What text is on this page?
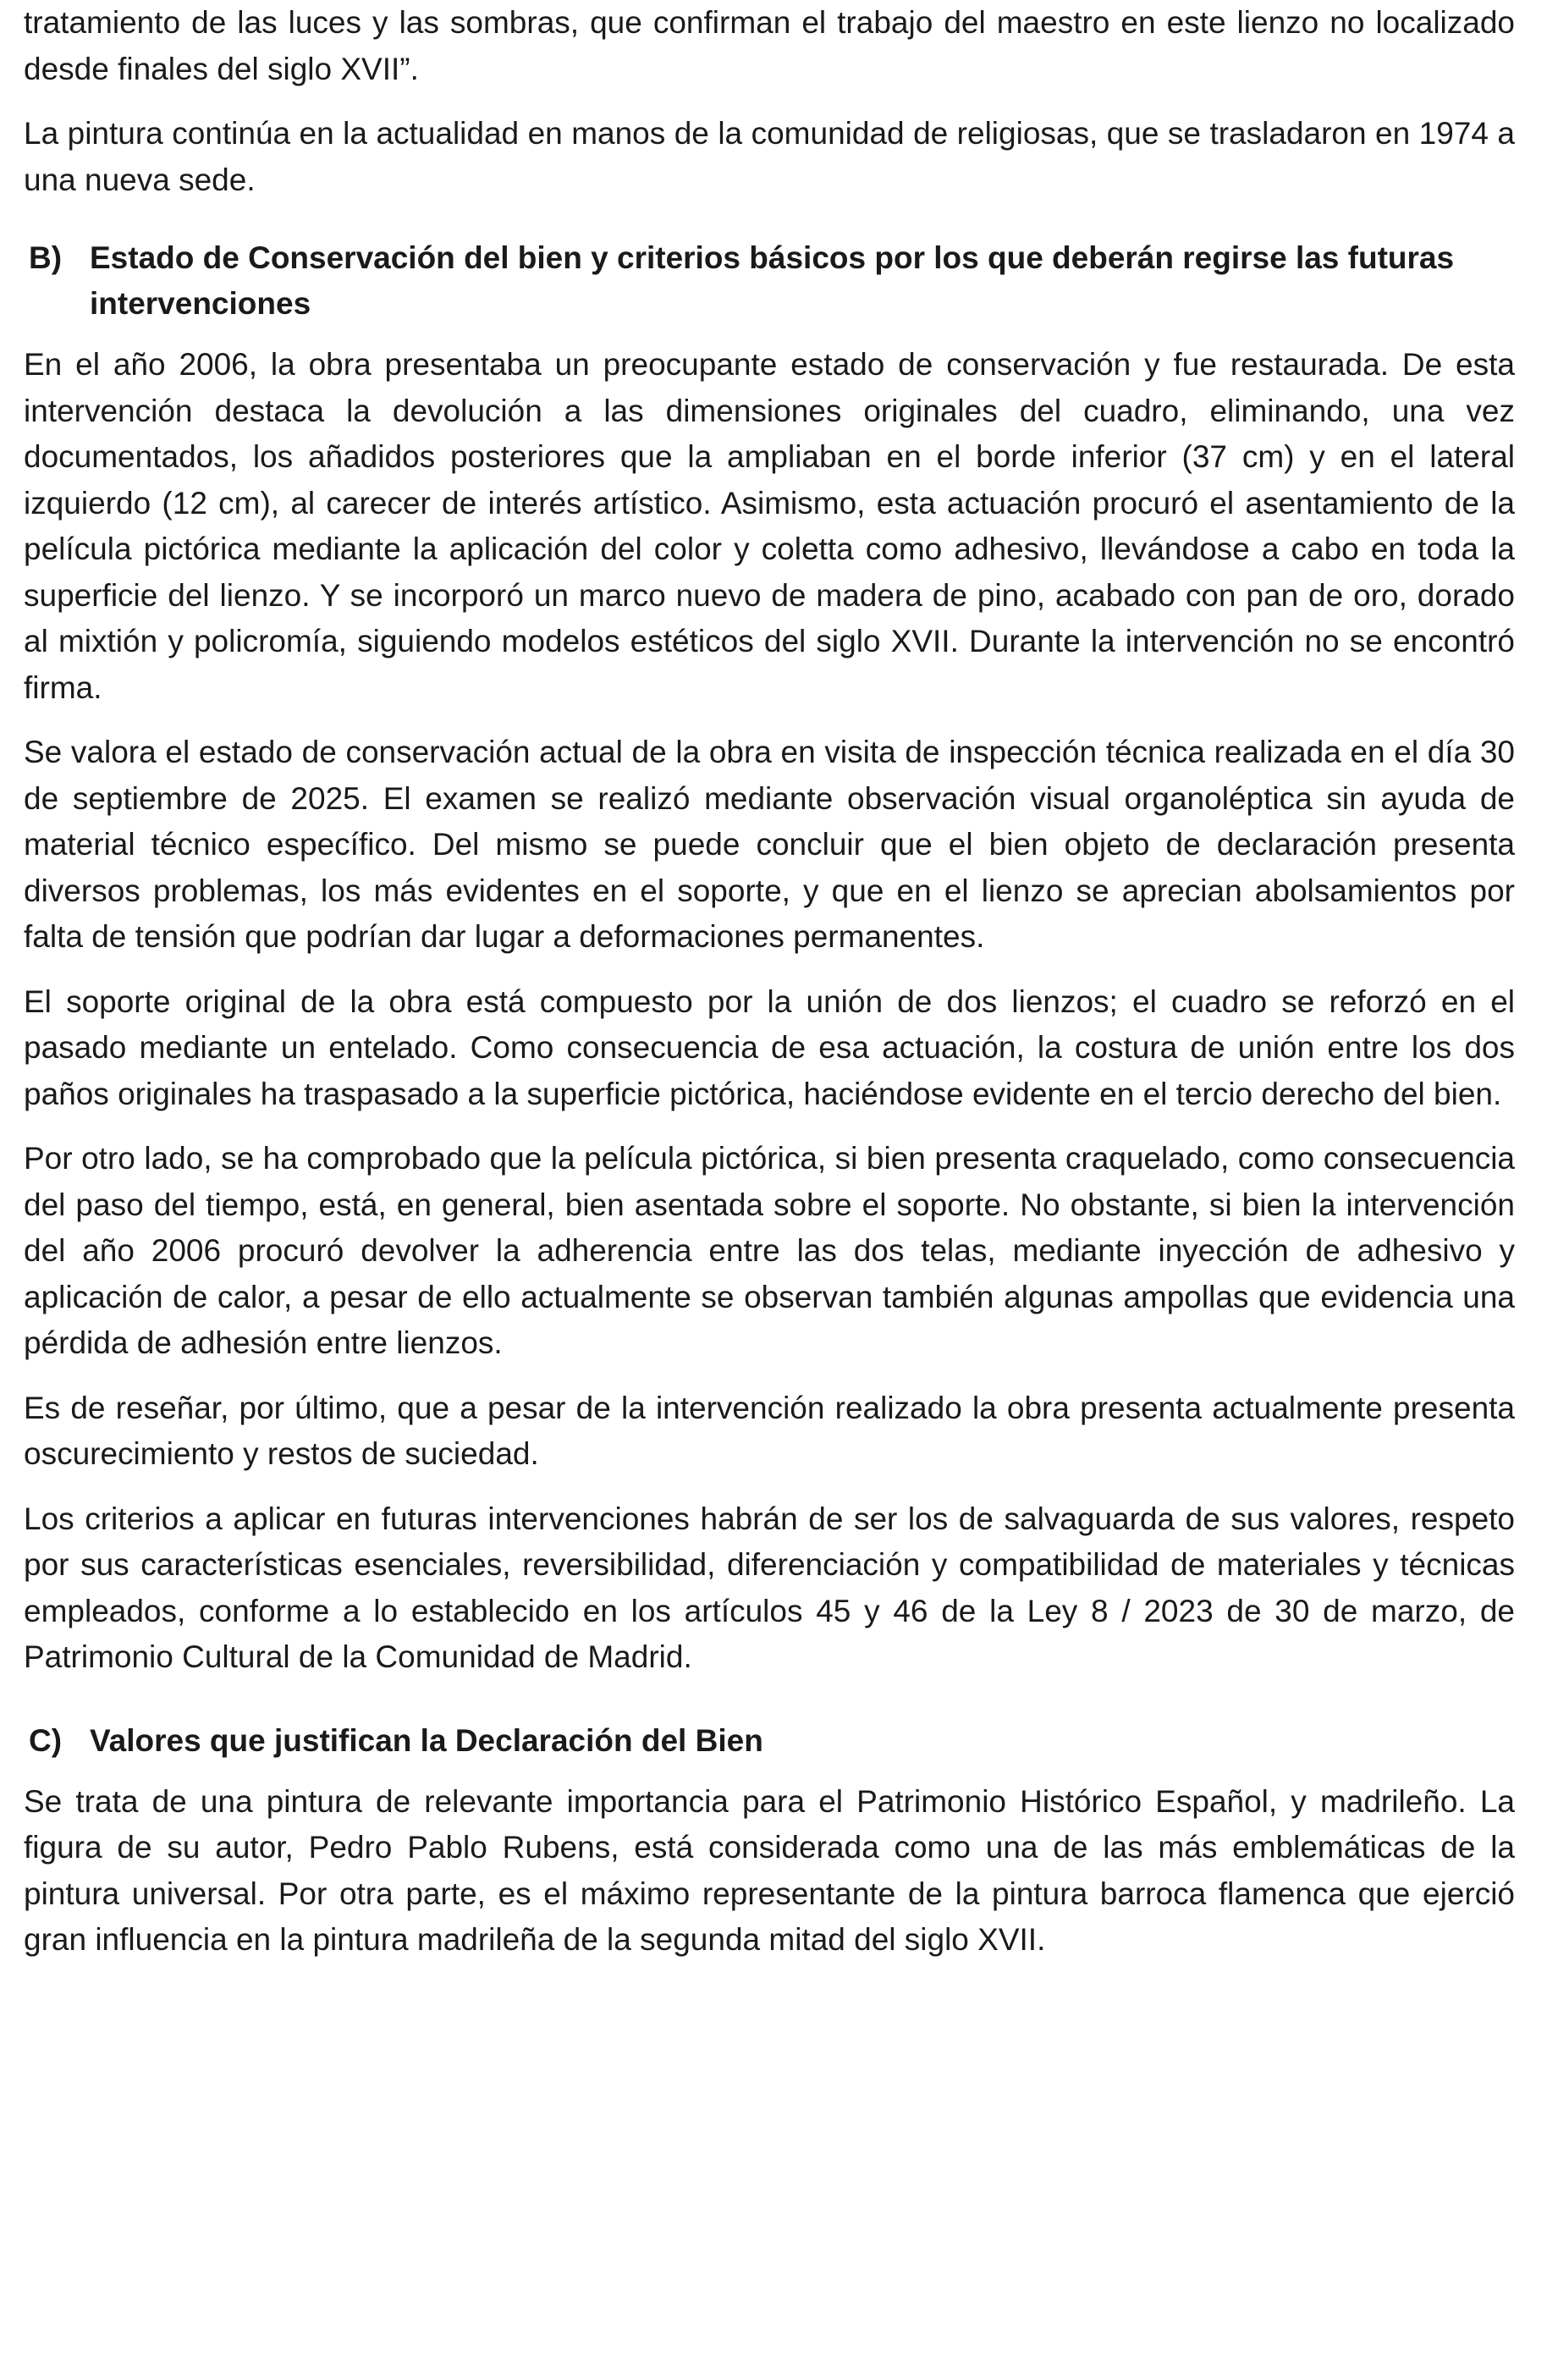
tratamiento de las luces y las sombras, que confirman el trabajo del maestro en este lienzo no localizado desde finales del siglo XVII”.

La pintura continúa en la actualidad en manos de la comunidad de religiosas, que se trasladaron en 1974 a una nueva sede.

B) Estado de Conservación del bien y criterios básicos por los que deberán regirse las futuras intervenciones

En el año 2006, la obra presentaba un preocupante estado de conservación y fue restaurada. De esta intervención destaca la devolución a las dimensiones originales del cuadro, eliminando, una vez documentados, los añadidos posteriores que la ampliaban en el borde inferior (37 cm) y en el lateral izquierdo (12 cm), al carecer de interés artístico. Asimismo, esta actuación procuró el asentamiento de la película pictórica mediante la aplicación del color y coletta como adhesivo, llevándose a cabo en toda la superficie del lienzo. Y se incorporó un marco nuevo de madera de pino, acabado con pan de oro, dorado al mixtión y policromía, siguiendo modelos estéticos del siglo XVII. Durante la intervención no se encontró firma.

Se valora el estado de conservación actual de la obra en visita de inspección técnica realizada en el día 30 de septiembre de 2025. El examen se realizó mediante observación visual organoléptica sin ayuda de material técnico específico. Del mismo se puede concluir que el bien objeto de declaración presenta diversos problemas, los más evidentes en el soporte, y que en el lienzo se aprecian abolsamientos por falta de tensión que podrían dar lugar a deformaciones permanentes.

El soporte original de la obra está compuesto por la unión de dos lienzos; el cuadro se reforzó en el pasado mediante un entelado. Como consecuencia de esa actuación, la costura de unión entre los dos paños originales ha traspasado a la superficie pictórica, haciéndose evidente en el tercio derecho del bien.

Por otro lado, se ha comprobado que la película pictórica, si bien presenta craquelado, como consecuencia del paso del tiempo, está, en general, bien asentada sobre el soporte. No obstante, si bien la intervención del año 2006 procuró devolver la adherencia entre las dos telas, mediante inyección de adhesivo y aplicación de calor, a pesar de ello actualmente se observan también algunas ampollas que evidencia una pérdida de adhesión entre lienzos.

Es de reseñar, por último, que a pesar de la intervención realizado la obra presenta actualmente presenta oscurecimiento y restos de suciedad.

Los criterios a aplicar en futuras intervenciones habrán de ser los de salvaguarda de sus valores, respeto por sus características esenciales, reversibilidad, diferenciación y compatibilidad de materiales y técnicas empleados, conforme a lo establecido en los artículos 45 y 46 de la Ley 8 / 2023 de 30 de marzo, de Patrimonio Cultural de la Comunidad de Madrid.

C) Valores que justifican la Declaración del Bien

Se trata de una pintura de relevante importancia para el Patrimonio Histórico Español, y madrileño. La figura de su autor, Pedro Pablo Rubens, está considerada como una de las más emblemáticas de la pintura universal. Por otra parte, es el máximo representante de la pintura barroca flamenca que ejerció gran influencia en la pintura madrileña de la segunda mitad del siglo XVII.
